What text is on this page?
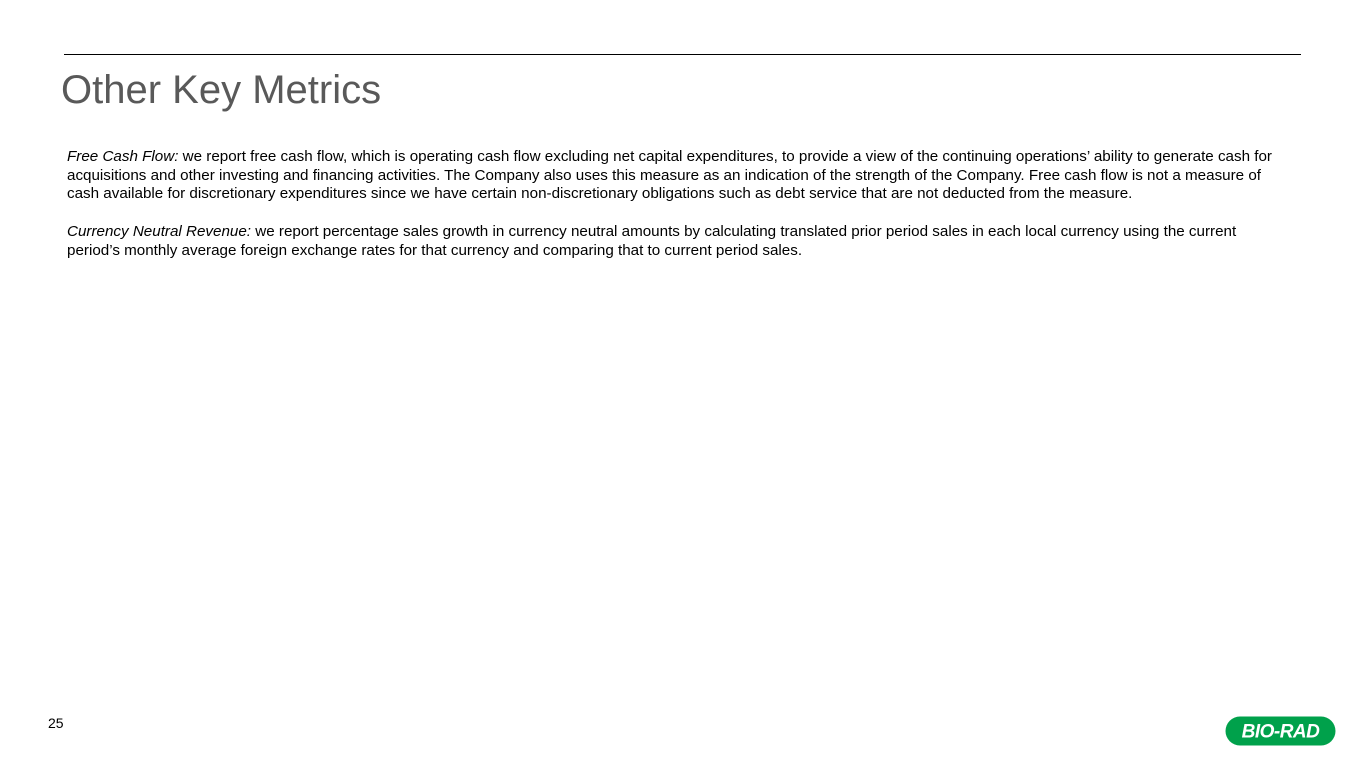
Other Key Metrics

Free Cash Flow: we report free cash flow, which is operating cash flow excluding net capital expenditures, to provide a view of the continuing operations’ ability to generate cash for acquisitions and other investing and financing activities. The Company also uses this measure as an indication of the strength of the Company. Free cash flow is not a measure of cash available for discretionary expenditures since we have certain non-discretionary obligations such as debt service that are not deducted from the measure.

Currency Neutral Revenue: we report percentage sales growth in currency neutral amounts by calculating translated prior period sales in each local currency using the current period’s monthly average foreign exchange rates for that currency and comparing that to current period sales.

25	BIO-RAD
